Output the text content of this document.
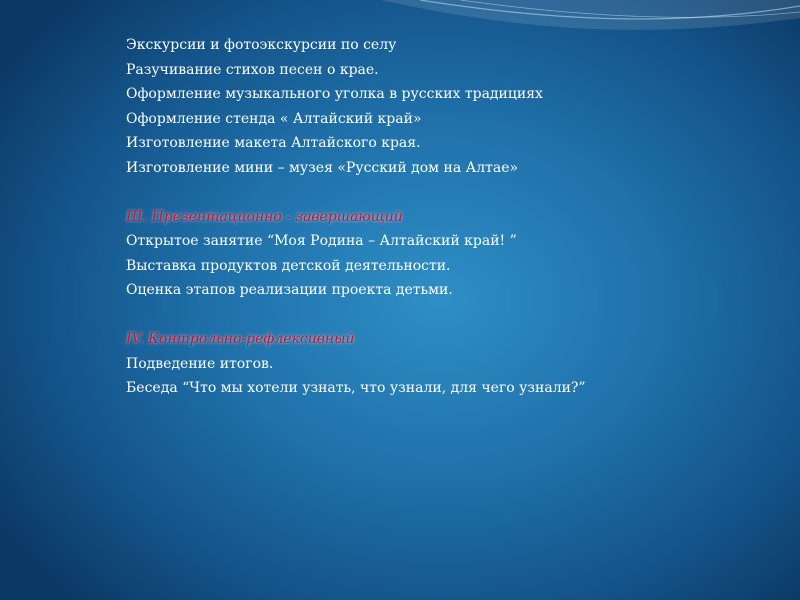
Экскурсии и фотоэкскурсии по селу
Разучивание стихов песен о крае.
Оформление музыкального уголка в русских традициях
Оформление стенда « Алтайский край»
Изготовление макета Алтайского края.
Изготовление мини – музея «Русский дом на Алтае»
III. Презентационно - завершающий
Открытое занятие “Моя Родина – Алтайский край! ”
Выставка продуктов детской деятельности.
Оценка этапов реализации проекта детьми.
IV. Контрольно-рефлексивный
Подведение итогов.
Беседа “Что мы хотели узнать, что узнали, для чего узнали?”
